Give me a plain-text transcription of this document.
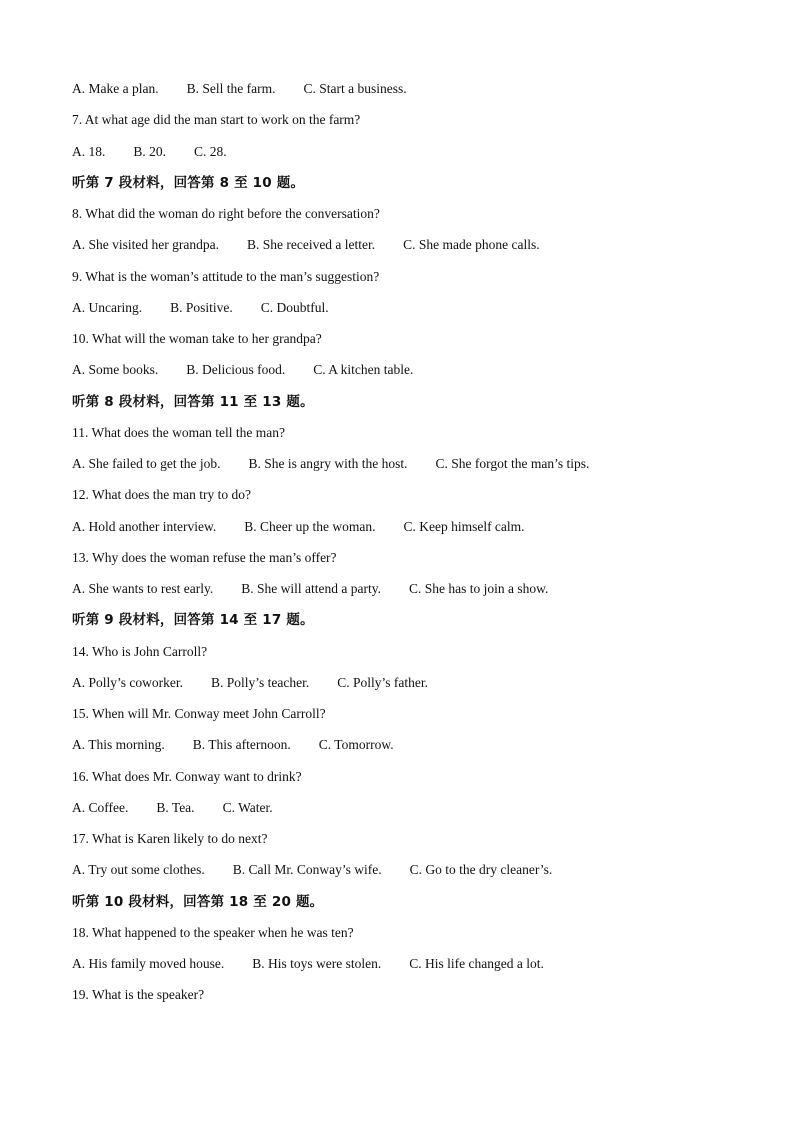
A. Make a plan. B. Sell the farm. C. Start a business.
7. At what age did the man start to work on the farm?
A. 18. B. 20. C. 28.
听第 7 段材料，回答第 8 至 10 题。
8. What did the woman do right before the conversation?
A. She visited her grandpa. B. She received a letter. C. She made phone calls.
9. What is the woman’s attitude to the man’s suggestion?
A. Uncaring. B. Positive. C. Doubtful.
10. What will the woman take to her grandpa?
A. Some books. B. Delicious food. C. A kitchen table.
听第 8 段材料，回答第 11 至 13 题。
11. What does the woman tell the man?
A. She failed to get the job. B. She is angry with the host. C. She forgot the man’s tips.
12. What does the man try to do?
A. Hold another interview. B. Cheer up the woman. C. Keep himself calm.
13. Why does the woman refuse the man’s offer?
A. She wants to rest early. B. She will attend a party. C. She has to join a show.
听第 9 段材料，回答第 14 至 17 题。
14. Who is John Carroll?
A. Polly’s coworker. B. Polly’s teacher. C. Polly’s father.
15. When will Mr. Conway meet John Carroll?
A. This morning. B. This afternoon. C. Tomorrow.
16. What does Mr. Conway want to drink?
A. Coffee. B. Tea. C. Water.
17. What is Karen likely to do next?
A. Try out some clothes. B. Call Mr. Conway’s wife. C. Go to the dry cleaner’s.
听第 10 段材料，回答第 18 至 20 题。
18. What happened to the speaker when he was ten?
A. His family moved house. B. His toys were stolen. C. His life changed a lot.
19. What is the speaker?
